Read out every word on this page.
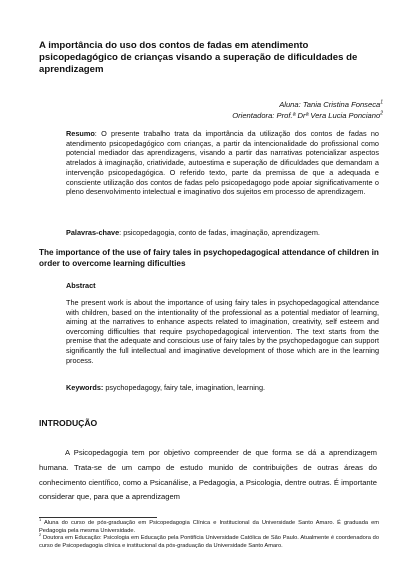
A importância do uso dos contos de fadas em atendimento psicopedagógico de crianças visando a superação de dificuldades de aprendizagem
Aluna: Tania Cristina Fonseca$^1$
Orientadora: Prof.ª Drª Vera Lucia Ponciano$^2$
Resumo: O presente trabalho trata da importância da utilização dos contos de fadas no atendimento psicopedagógico com crianças, a partir da intencionalidade do profissional como potencial mediador das aprendizagens, visando a partir das narrativas potencializar aspectos atrelados à imaginação, criatividade, autoestima e superação de dificuldades que demandam a intervenção psicopedagógica. O referido texto, parte da premissa de que a adequada e consciente utilização dos contos de fadas pelo psicopedagogo pode apoiar significativamente o pleno desenvolvimento intelectual e imaginativo dos sujeitos em processo de aprendizagem.
Palavras-chave: psicopedagogia, conto de fadas, imaginação, aprendizagem.
The importance of the use of fairy tales in psychopedagogical attendance of children in order to overcome learning dificulties
Abstract
The present work is about the importance of using fairy tales in psychopedagogical attendance with children, based on the intentionality of the professional as a potential mediator of learning, aiming at the narratives to enhance aspects related to imagination, creativity, self esteem and overcoming difficulties that require psychopedagogical intervention. The text starts from the premise that the adequate and conscious use of fairy tales by the psychopedagogue can support significantly the full intellectual and imaginative development of those which are in the learning process.
Keywords: psychopedagogy, fairy tale, imagination, learning.
INTRODUÇÃO
A Psicopedagogia tem por objetivo compreender de que forma se dá a aprendizagem humana. Trata-se de um campo de estudo munido de contribuições de outras áreas do conhecimento científico, como a Psicanálise, a Pedagogia, a Psicologia, dentre outras. É importante considerar que, para que a aprendizagem
$^1$ Aluna do curso de pós-graduação em Psicopedagogia Clínica e Institucional da Universidade Santo Amaro. É graduada em Pedagogia pela mesma Universidade.
$^2$ Doutora em Educação: Psicologia em Educação pela Pontifícia Universidade Católica de São Paulo. Atualmente é coordenadora do curso de Psicopedagogia clínica e institucional da pós-graduação da Universidade Santo Amaro.
